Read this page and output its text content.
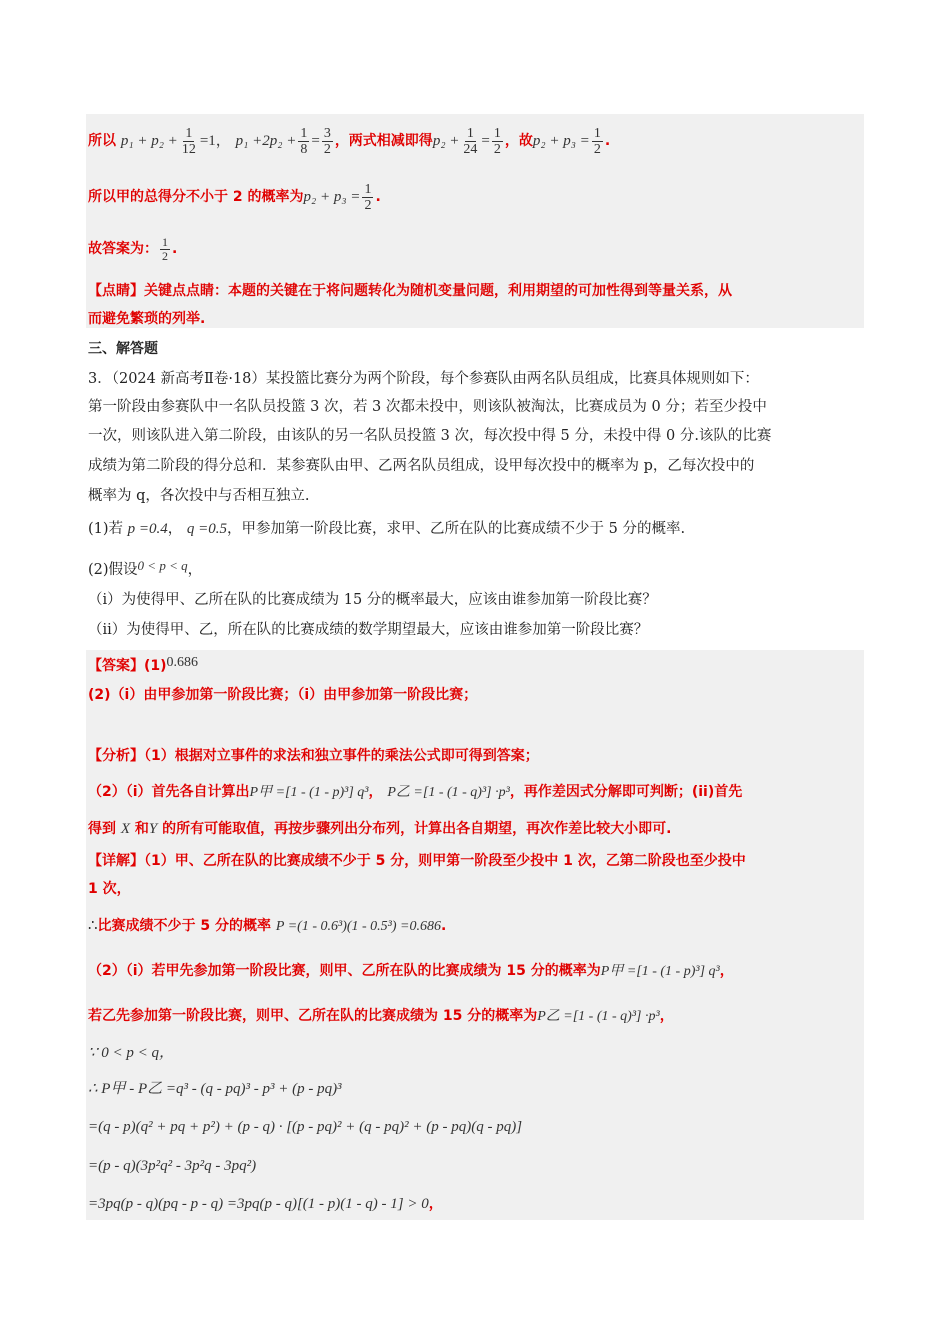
所以 $p_1 + p_2 + \frac{1}{12} =1$， $p_1 +2p_2 + \frac{1}{8} = \frac{3}{2}$ ，两式相减即得$p_2 + \frac{1}{24} = \frac{1}{2}$ ，故$p_2 + p_3 = \frac{1}{2}$ .
所以甲的总得分不小于 2 的概率为$p_2 + p_3 = \frac{1}{2}$ .
故答案为： $\frac{1}{2}$ .
【点睛】关键点点睛：本题的关键在于将问题转化为随机变量问题，利用期望的可加性得到等量关系，从
而避免繁琐的列举.
三、解答题
3．（2024 新高考Ⅱ卷·18）某投篮比赛分为两个阶段，每个参赛队由两名队员组成，比赛具体规则如下：
第一阶段由参赛队中一名队员投篮 3 次，若 3 次都未投中，则该队被淘汰，比赛成员为 0 分；若至少投中
一次，则该队进入第二阶段，由该队的另一名队员投篮 3 次，每次投中得 5 分，未投中得 0 分.该队的比赛
成绩为第二阶段的得分总和．某参赛队由甲、乙两名队员组成，设甲每次投中的概率为 p，乙每次投中的
概率为 q，各次投中与否相互独立.
(1)若 p =0.4， q =0.5，甲参加第一阶段比赛，求甲、乙所在队的比赛成绩不少于 5 分的概率.
(2)假设0 < p < q，
（i）为使得甲、乙所在队的比赛成绩为 15 分的概率最大，应该由谁参加第一阶段比赛？
（ii）为使得甲、乙，所在队的比赛成绩的数学期望最大，应该由谁参加第一阶段比赛？
【答案】(1)0.686
(2)（i）由甲参加第一阶段比赛；（i）由甲参加第一阶段比赛；
【分析】（1）根据对立事件的求法和独立事件的乘法公式即可得到答案；
（2）（i）首先各自计算出P甲 =[1 - (1 - p)³] q³， P乙 =[1 - (1 - q)³] ·p³，再作差因式分解即可判断；(ii)首先
得到 X 和Y 的所有可能取值，再按步骤列出分布列，计算出各自期望，再次作差比较大小即可.
【详解】（1）甲、乙所在队的比赛成绩不少于 5 分，则甲第一阶段至少投中 1 次，乙第二阶段也至少投中
1 次，
∴比赛成绩不少于 5 分的概率 P =(1 - 0.6³)(1 - 0.5³) =0.686.
（2）（i）若甲先参加第一阶段比赛，则甲、乙所在队的比赛成绩为 15 分的概率为P甲 =[1 - (1 - p)³] q³，
若乙先参加第一阶段比赛，则甲、乙所在队的比赛成绩为 15 分的概率为P乙 =[1 - (1 - q)³] ·p³，
∵ 0 < p < q，
∴ P甲 - P乙 =q³ - (q - pq)³ - p³ + (p - pq)³
=(q - p)(q² + pq + p²) + (p - q) · [(p - pq)² + (q - pq)² + (p - pq)(q - pq)]
=(p - q)(3p²q² - 3p²q - 3pq²)
=3pq(p - q)(pq - p - q) =3pq(p - q)[(1 - p)(1 - q) - 1] > 0，
